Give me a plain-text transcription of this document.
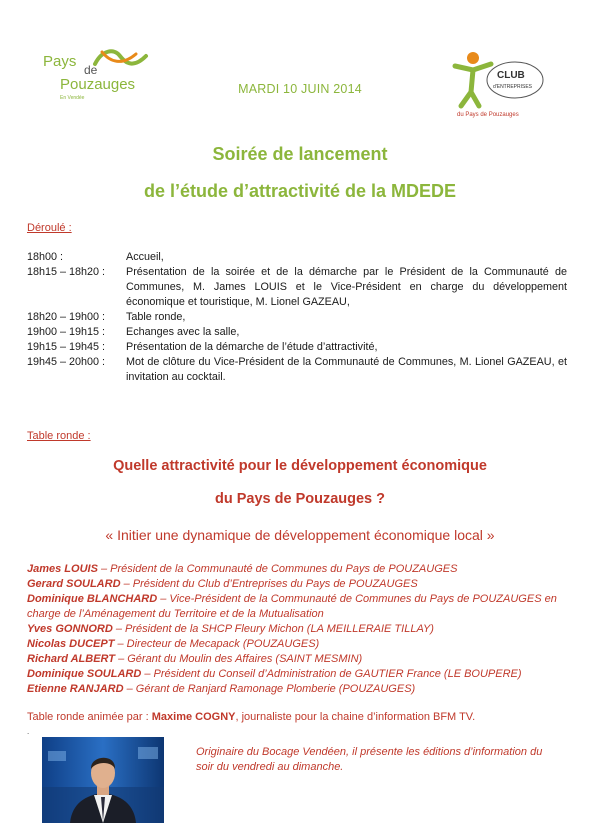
Pays de
Pouzauges
En Vendée
MARDI 10 JUIN 2014
CLUB
d'ENTREPRISES
du Pays de Pouzauges
Soirée de lancement
de l’étude d’attractivité de la MDEDE
Déroulé :
18h00 :	Accueil,
18h15 – 18h20 :	Présentation de la soirée et de la démarche par le Président de la Communauté de Communes, M. James LOUIS et le Vice-Président en charge du développement économique et touristique, M. Lionel GAZEAU,
18h20 – 19h00 :	Table ronde,
19h00 – 19h15 :	Echanges avec la salle,
19h15 – 19h45 :	Présentation de la démarche de l’étude d’attractivité,
19h45 – 20h00 :	Mot de clôture du Vice-Président de la Communauté de Communes, M. Lionel GAZEAU, et invitation au cocktail.
Table ronde :
Quelle attractivité pour le développement économique
du Pays de Pouzauges ?
« Initier une dynamique de développement économique local »
James LOUIS – Président de la Communauté de Communes du Pays de POUZAUGES
Gerard SOULARD – Président du Club d’Entreprises du Pays de POUZAUGES
Dominique BLANCHARD – Vice-Président de la Communauté de Communes du Pays de POUZAUGES en charge de l’Aménagement du Territoire et de la Mutualisation
Yves GONNORD – Président de la SHCP Fleury Michon (LA MEILLERAIE TILLAY)
Nicolas DUCEPT – Directeur de Mecapack (POUZAUGES)
Richard ALBERT – Gérant du Moulin des Affaires (SAINT MESMIN)
Dominique SOULARD – Président du Conseil d’Administration de GAUTIER France (LE BOUPERE)
Etienne RANJARD – Gérant de Ranjard Ramonage Plomberie (POUZAUGES)
Table ronde animée par : Maxime COGNY, journaliste pour la chaine d’information BFM TV.
.
Originaire du Bocage Vendéen, il présente les éditions d’information du soir du vendredi au dimanche.
